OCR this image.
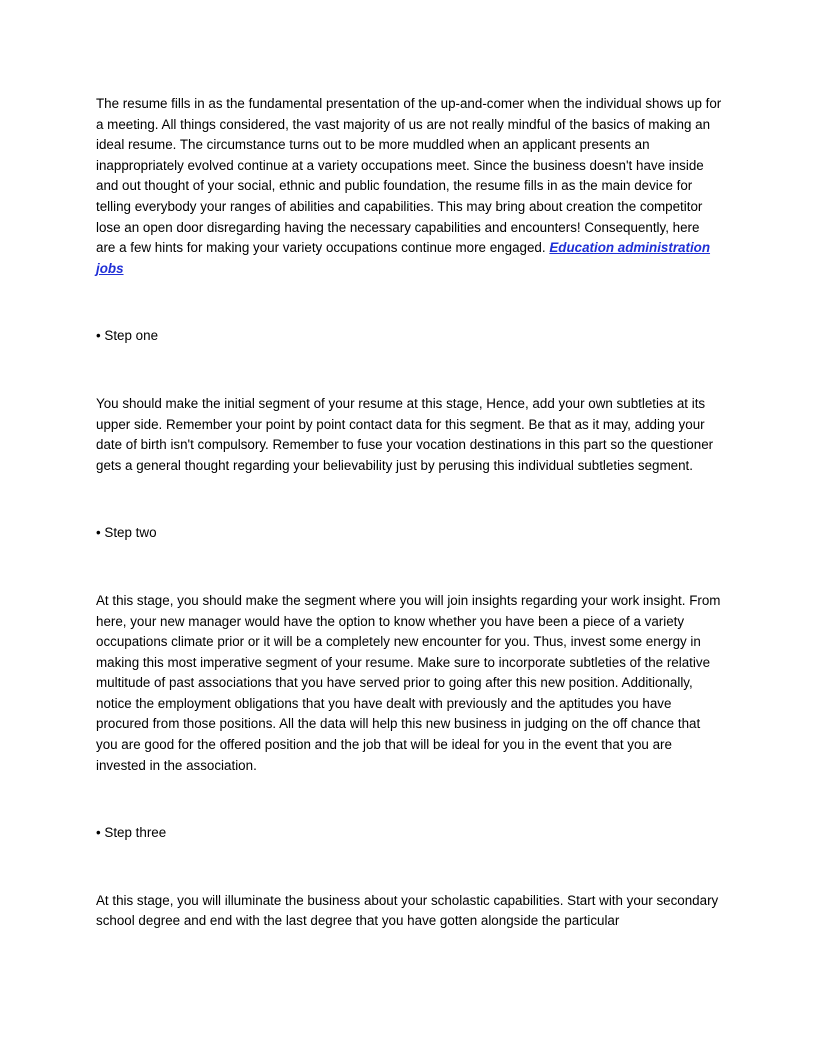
The resume fills in as the fundamental presentation of the up-and-comer when the individual shows up for a meeting. All things considered, the vast majority of us are not really mindful of the basics of making an ideal resume. The circumstance turns out to be more muddled when an applicant presents an inappropriately evolved continue at a variety occupations meet. Since the business doesn't have inside and out thought of your social, ethnic and public foundation, the resume fills in as the main device for telling everybody your ranges of abilities and capabilities. This may bring about creation the competitor lose an open door disregarding having the necessary capabilities and encounters! Consequently, here are a few hints for making your variety occupations continue more engaged. Education administration jobs

• Step one

You should make the initial segment of your resume at this stage, Hence, add your own subtleties at its upper side. Remember your point by point contact data for this segment. Be that as it may, adding your date of birth isn't compulsory. Remember to fuse your vocation destinations in this part so the questioner gets a general thought regarding your believability just by perusing this individual subtleties segment.

• Step two

At this stage, you should make the segment where you will join insights regarding your work insight. From here, your new manager would have the option to know whether you have been a piece of a variety occupations climate prior or it will be a completely new encounter for you. Thus, invest some energy in making this most imperative segment of your resume. Make sure to incorporate subtleties of the relative multitude of past associations that you have served prior to going after this new position. Additionally, notice the employment obligations that you have dealt with previously and the aptitudes you have procured from those positions. All the data will help this new business in judging on the off chance that you are good for the offered position and the job that will be ideal for you in the event that you are invested in the association.

• Step three

At this stage, you will illuminate the business about your scholastic capabilities. Start with your secondary school degree and end with the last degree that you have gotten alongside the particular
